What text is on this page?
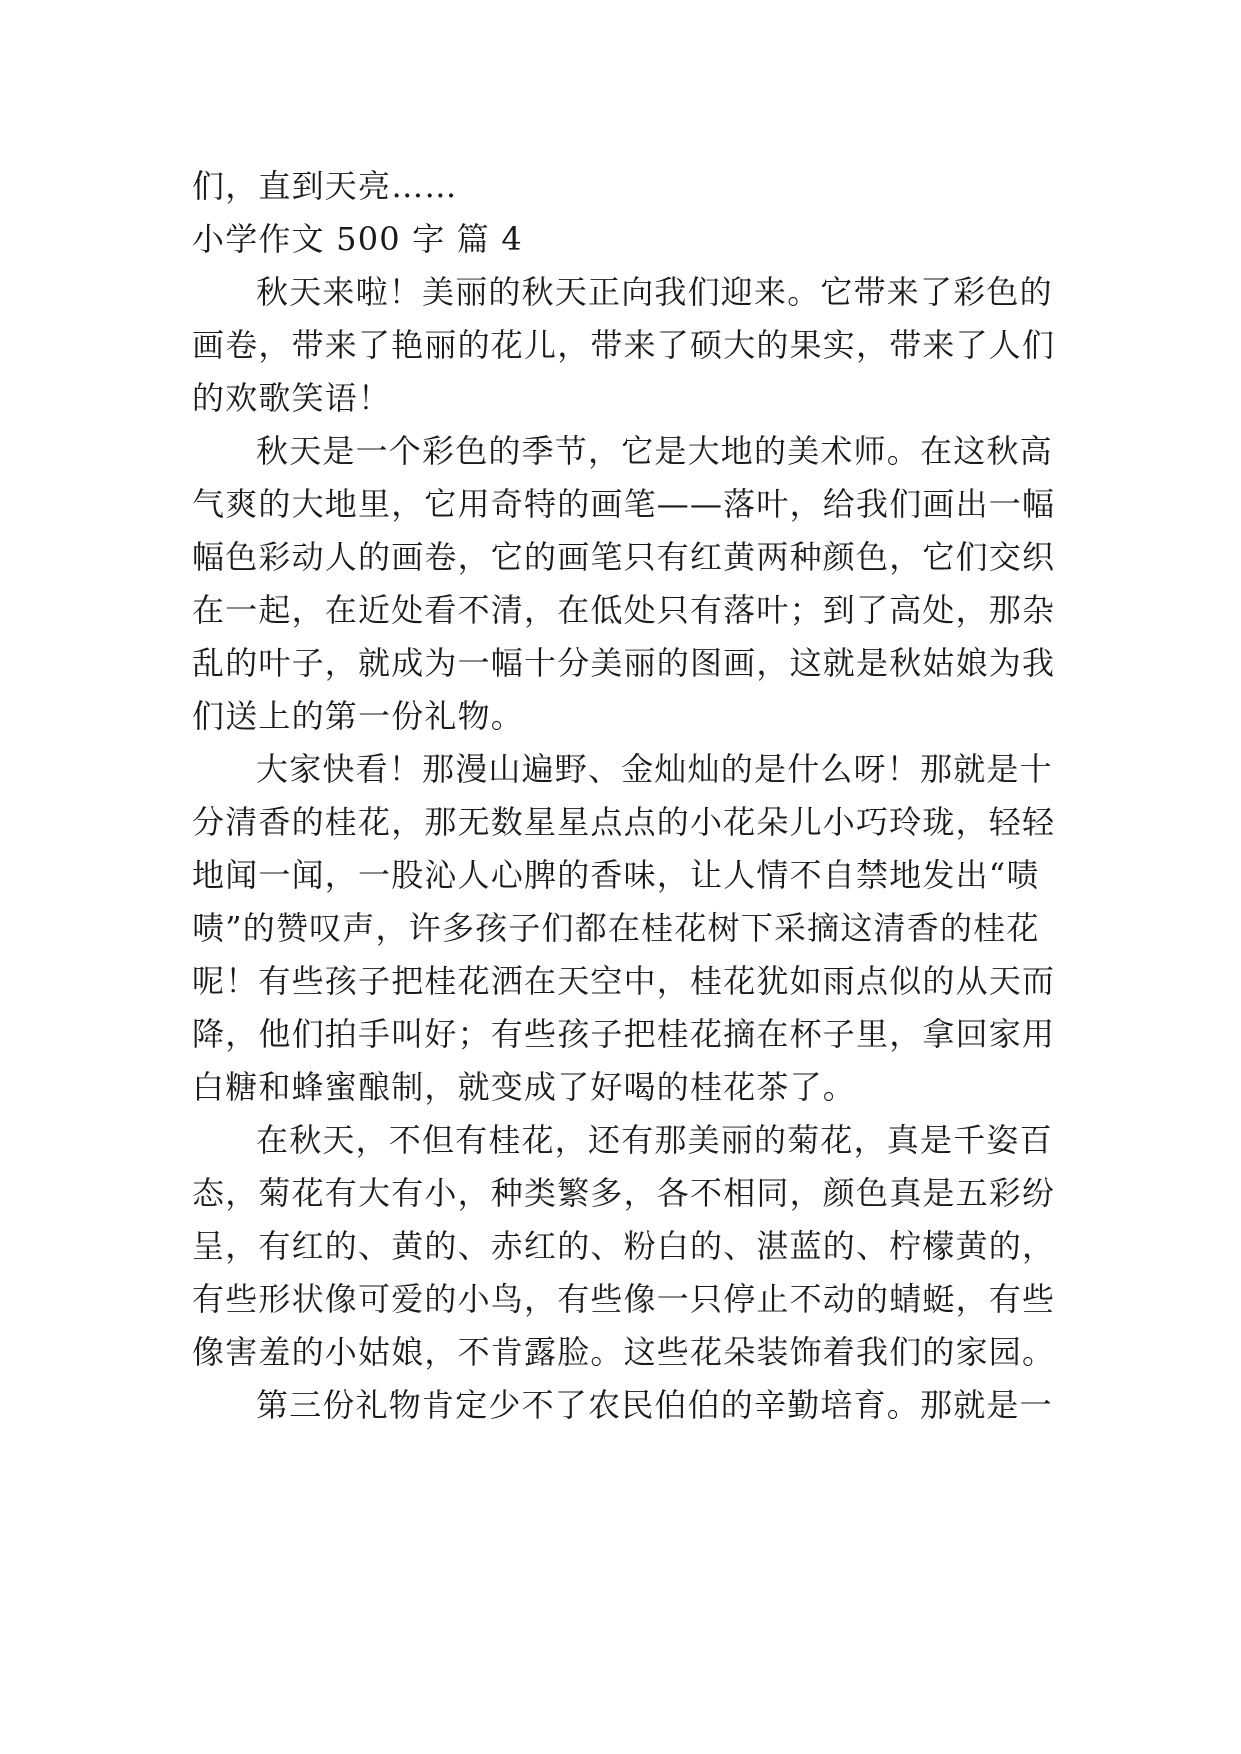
们，直到天亮……
小学作文 500 字 篇 4
秋天来啦！美丽的秋天正向我们迎来。它带来了彩色的
画卷，带来了艳丽的花儿，带来了硕大的果实，带来了人们
的欢歌笑语！
秋天是一个彩色的季节，它是大地的美术师。在这秋高
气爽的大地里，它用奇特的画笔——落叶，给我们画出一幅
幅色彩动人的画卷，它的画笔只有红黄两种颜色，它们交织
在一起，在近处看不清，在低处只有落叶；到了高处，那杂
乱的叶子，就成为一幅十分美丽的图画，这就是秋姑娘为我
们送上的第一份礼物。
大家快看！那漫山遍野、金灿灿的是什么呀！那就是十
分清香的桂花，那无数星星点点的小花朵儿小巧玲珑，轻轻
地闻一闻，一股沁人心脾的香味，让人情不自禁地发出“啧
啧”的赞叹声，许多孩子们都在桂花树下采摘这清香的桂花
呢！有些孩子把桂花洒在天空中，桂花犹如雨点似的从天而
降，他们拍手叫好；有些孩子把桂花摘在杯子里，拿回家用
白糖和蜂蜜酿制，就变成了好喝的桂花茶了。
在秋天，不但有桂花，还有那美丽的菊花，真是千姿百
态，菊花有大有小，种类繁多，各不相同，颜色真是五彩纷
呈，有红的、黄的、赤红的、粉白的、湛蓝的、柠檬黄的，
有些形状像可爱的小鸟，有些像一只停止不动的蜻蜓，有些
像害羞的小姑娘，不肯露脸。这些花朵装饰着我们的家园。
第三份礼物肯定少不了农民伯伯的辛勤培育。那就是一
